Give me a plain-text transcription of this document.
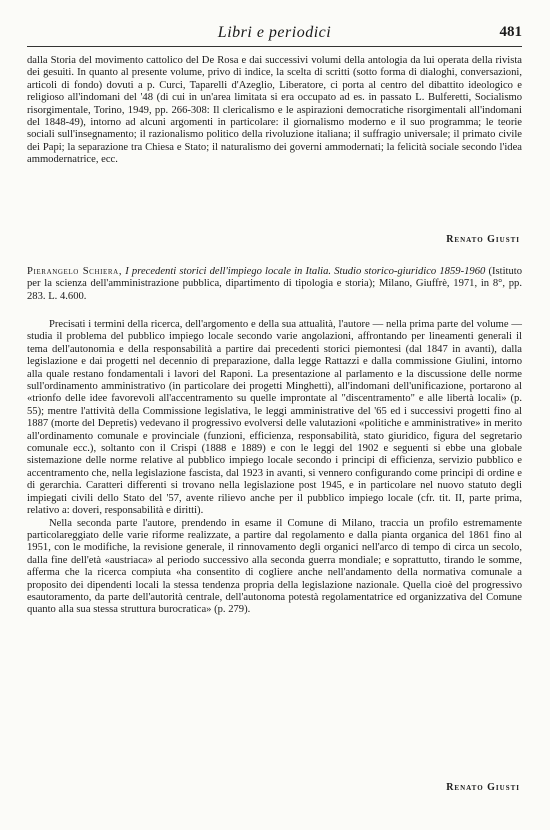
Libri e periodici	481

dalla Storia del movimento cattolico del De Rosa e dai successivi volumi della antologia da lui operata della rivista dei gesuiti. In quanto al presente volume, privo di indice, la scelta di scritti (sotto forma di dialoghi, conversazioni, articoli di fondo) dovuti a p. Curci, Taparelli d'Azeglio, Liberatore, ci porta al centro del dibattito ideologico e religioso all'indomani del '48 (di cui in un'area limitata si era occupato ad es. in passato L. Bulferetti, Socialismo risorgimentale, Torino, 1949, pp. 266-308: Il clericalismo e le aspirazioni democratiche risorgimentali all'indomani del 1848-49), intorno ad alcuni argomenti in particolare: il giornalismo moderno e il suo programma; le teorie sociali sull'insegnamento; il razionalismo politico della rivoluzione italiana; il suffragio universale; il primato civile dei Papi; la separazione tra Chiesa e Stato; il naturalismo dei governi ammodernati; la felicità sociale secondo l'idea ammodernatrice, ecc.

Renato Giusti

Pierangelo Schiera, I precedenti storici dell'impiego locale in Italia. Studio storico-giuridico 1859-1960 (Istituto per la scienza dell'amministrazione pubblica, dipartimento di tipologia e storia); Milano, Giuffrè, 1971, in 8°, pp. 283. L. 4.600.

Precisati i termini della ricerca, dell'argomento e della sua attualità, l'autore — nella prima parte del volume — studia il problema del pubblico impiego locale secondo varie angolazioni, affrontando per lineamenti generali il tema dell'autonomia e della responsabilità a partire dai precedenti storici piemontesi (dal 1847 in avanti), dalla legislazione e dai progetti nel decennio di preparazione, dalla legge Rattazzi e dalla commissione Giulini, intorno alla quale restano fondamentali i lavori del Raponi. La presentazione al parlamento e la discussione delle norme sull'ordinamento amministrativo (in particolare dei progetti Minghetti), all'indomani dell'unificazione, portarono al «trionfo delle idee favorevoli all'accentramento su quelle improntate al "discentramento" e alle libertà locali» (p. 55); mentre l'attività della Commissione legislativa, le leggi amministrative del '65 ed i successivi progetti fino al 1887 (morte del Depretis) vedevano il progressivo evolversi delle valutazioni «politiche e amministrative» in merito all'ordinamento comunale e provinciale (funzioni, efficienza, responsabilità, stato giuridico, figura del segretario comunale ecc.), soltanto con il Crispi (1888 e 1889) e con le leggi del 1902 e seguenti si ebbe una globale sistemazione delle norme relative al pubblico impiego locale secondo i principi di efficienza, servizio pubblico e accentramento che, nella legislazione fascista, dal 1923 in avanti, si vennero configurando come principi di ordine e di gerarchia. Caratteri differenti si trovano nella legislazione post 1945, e in particolare nel nuovo statuto degli impiegati civili dello Stato del '57, avente rilievo anche per il pubblico impiego locale (cfr. tit. II, parte prima, relativo a: doveri, responsabilità e diritti).

Nella seconda parte l'autore, prendendo in esame il Comune di Milano, traccia un profilo estremamente particolareggiato delle varie riforme realizzate, a partire dal regolamento e dalla pianta organica del 1861 fino al 1951, con le modifiche, la revisione generale, il rinnovamento degli organici nell'arco di tempo di circa un secolo, dalla fine dell'età «austriaca» al periodo successivo alla seconda guerra mondiale; e soprattutto, tirando le somme, afferma che la ricerca compiuta «ha consentito di cogliere anche nell'andamento della normativa comunale a proposito dei dipendenti locali la stessa tendenza propria della legislazione nazionale. Quella cioè del progressivo esautoramento, da parte dell'autorità centrale, dell'autonoma potestà regolamentatrice ed organizzativa del Comune quanto alla sua stessa struttura burocratica» (p. 279).

Renato Giusti
